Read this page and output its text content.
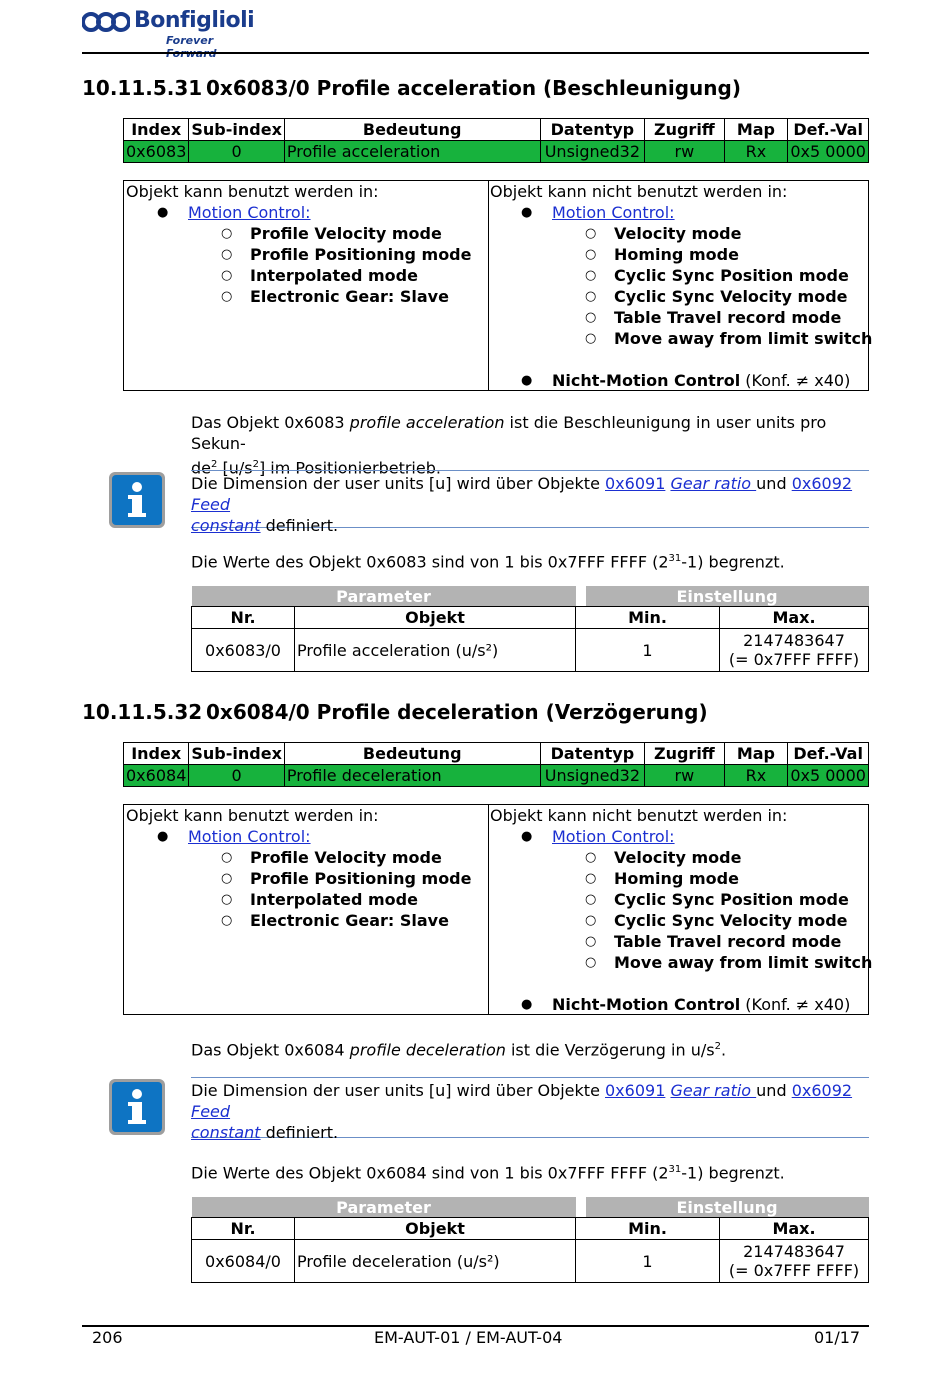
Bonfiglioli
Forever Forward
10.11.5.31 0x6083/0 Profile acceleration (Beschleunigung)
Index	Sub-index	Bedeutung	Datentyp	Zugriff	Map	Def.-Val
0x6083	0	Profile acceleration	Unsigned32	rw	Rx	0x5 0000
Objekt kann benutzt werden in:
● Motion Control:
○ Profile Velocity mode
○ Profile Positioning mode
○ Interpolated mode
○ Electronic Gear: Slave
Objekt kann nicht benutzt werden in:
● Motion Control:
○ Velocity mode
○ Homing mode
○ Cyclic Sync Position mode
○ Cyclic Sync Velocity mode
○ Table Travel record mode
○ Move away from limit switch
● Nicht-Motion Control (Konf. ≠ x40)
Das Objekt 0x6083 profile acceleration ist die Beschleunigung in user units pro Sekun-
$de^2$ $[u/s^2]$ im Positionierbetrieb.
Die Dimension der user units [u] wird über Objekte 0x6091 Gear ratio und 0x6092 Feed
constant definiert.
Die Werte des Objekt 0x6083 sind von 1 bis 0x7FFF FFFF $(2^{31}-1)$ begrenzt.
Parameter			Einstellung	
Nr.	Objekt	Min.		Max.
0x6083/0	Profile acceleration (u/s²)	1		2147483647
(= 0x7FFF FFFF)
10.11.5.32 0x6084/0 Profile deceleration (Verzögerung)
Index	Sub-index	Bedeutung	Datentyp	Zugriff	Map	Def.-Val
0x6084	0	Profile deceleration	Unsigned32	rw	Rx	0x5 0000
Objekt kann benutzt werden in:
● Motion Control:
○ Profile Velocity mode
○ Profile Positioning mode
○ Interpolated mode
○ Electronic Gear: Slave
Objekt kann nicht benutzt werden in:
● Motion Control:
○ Velocity mode
○ Homing mode
○ Cyclic Sync Position mode
○ Cyclic Sync Velocity mode
○ Table Travel record mode
○ Move away from limit switch
● Nicht-Motion Control (Konf. ≠ x40)
Das Objekt 0x6084 profile deceleration ist die Verzögerung in $u/s^2$.
Die Dimension der user units [u] wird über Objekte 0x6091 Gear ratio und 0x6092 Feed
constant definiert.
Die Werte des Objekt 0x6084 sind von 1 bis 0x7FFF FFFF $(2^{31}-1)$ begrenzt.
Parameter			Einstellung	
Nr.	Objekt	Min.		Max.
0x6084/0	Profile deceleration (u/s²)	1		2147483647
(= 0x7FFF FFFF)
206	EM-AUT-01 / EM-AUT-04	01/17
